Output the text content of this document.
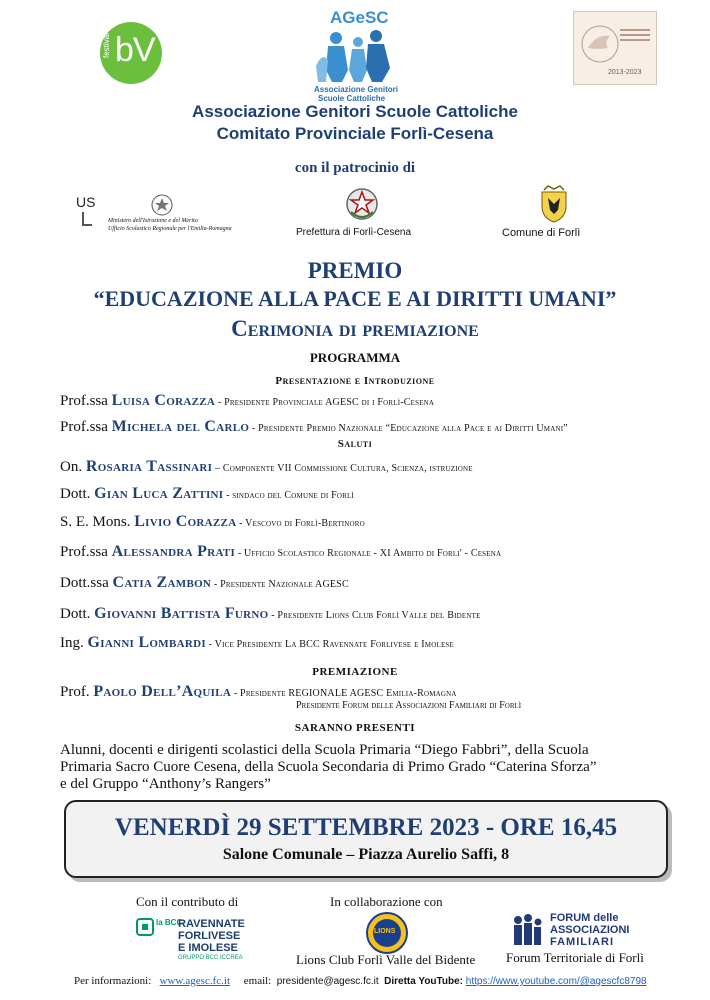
festival bV
AGeSC
Associazione Genitori
Scuole Cattoliche
2013-2023
Associazione Genitori Scuole Cattoliche
Comitato Provinciale Forlì-Cesena
con il patrocinio di
US
Ministero dell'Istruzione e del Merito
Ufficio Scolastico Regionale per l'Emilia-Romagna	Prefettura di Forlì-Cesena	Comune di Forlì
PREMIO
“EDUCAZIONE ALLA PACE E AI DIRITTI UMANI”
Cerimonia di premiazione
PROGRAMMA
Presentazione e Introduzione
Prof.ssa Luisa Corazza - Presidente Provinciale AGESC di i Forlì-Cesena
Prof.ssa Michela del Carlo - Presidente Premio Nazionale “Educazione alla Pace e ai Diritti Umani”
Saluti
On. Rosaria Tassinari – Componente VII Commissione Cultura, Scienza, istruzione
Dott. Gian Luca Zattini - sindaco del Comune di Forlì
S. E. Mons. Livio Corazza - Vescovo di Forlì-Bertinoro
Prof.ssa Alessandra Prati - Ufficio Scolastico Regionale - XI Ambito di Forli' - Cesena
Dott.ssa Catia Zambon - Presidente Nazionale AGESC
Dott. Giovanni Battista Furno - Presidente Lions Club Forlì Valle del Bidente
Ing. Gianni Lombardi - Vice Presidente La BCC Ravennate Forlivese e Imolese
PREMIAZIONE
Prof. Paolo Dell’Aquila - Presidente REGIONALE AGESC Emilia-Romagna
Presidente Forum delle Associazioni Familiari di Forlì
SARANNO PRESENTI
Alunni, docenti e dirigenti scolastici della Scuola Primaria “Diego Fabbri”, della Scuola
Primaria Sacro Cuore Cesena, della Scuola Secondaria di Primo Grado “Caterina Sforza”
e del Gruppo “Anthony’s Rangers”
VENERDÌ 29 SETTEMBRE 2023 - ORE 16,45
Salone Comunale – Piazza Aurelio Saffi, 8
Con il contributo di
la BCC
RAVENNATE
FORLIVESE
E IMOLESE
GRUPPO BCC ICCREA
In collaborazione con
LIONS
Lions Club Forlì Valle del Bidente
FORUM delle
ASSOCIAZIONI
FAMILIARI
Forum Territoriale di Forlì
Per informazioni: www.agesc.fc.it email: presidente@agesc.fc.it Diretta YouTube: https://www.youtube.com/@agescfc8798
